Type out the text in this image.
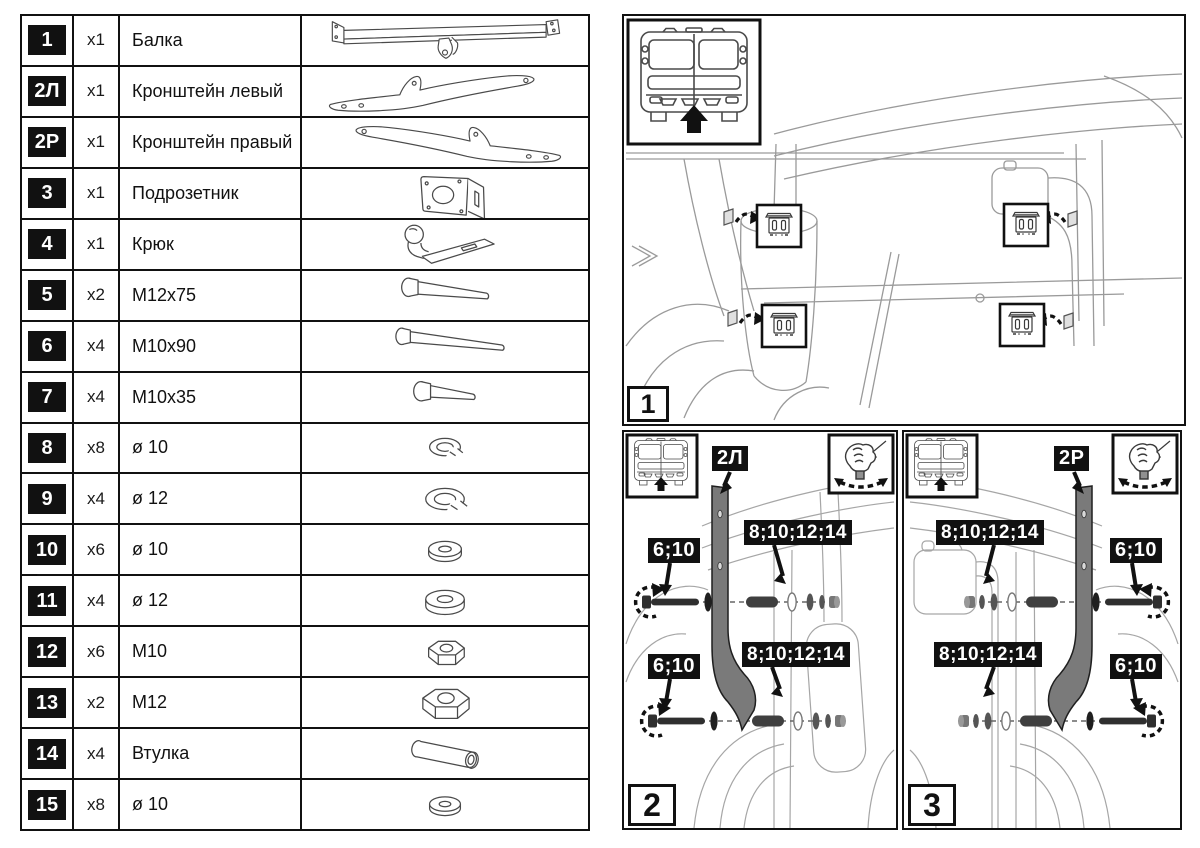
1	x1	Балка
2Л	x1	Кронштейн левый
2Р	x1	Кронштейн правый
3	x1	Подрозетник
4	x1	Крюк
5	x2	M12x75
6	x4	M10x90
7	x4	M10x35
8	x8	ø 10
9	x4	ø 12
10	x6	ø 10
11	x4	ø 12
12	x6	M10
13	x2	M12
14	x4	Втулка
15	x8	ø 10
1
2Л
6;10
8;10;12;14
6;10
8;10;12;14
2
2Р
8;10;12;14
6;10
8;10;12;14
6;10
3
